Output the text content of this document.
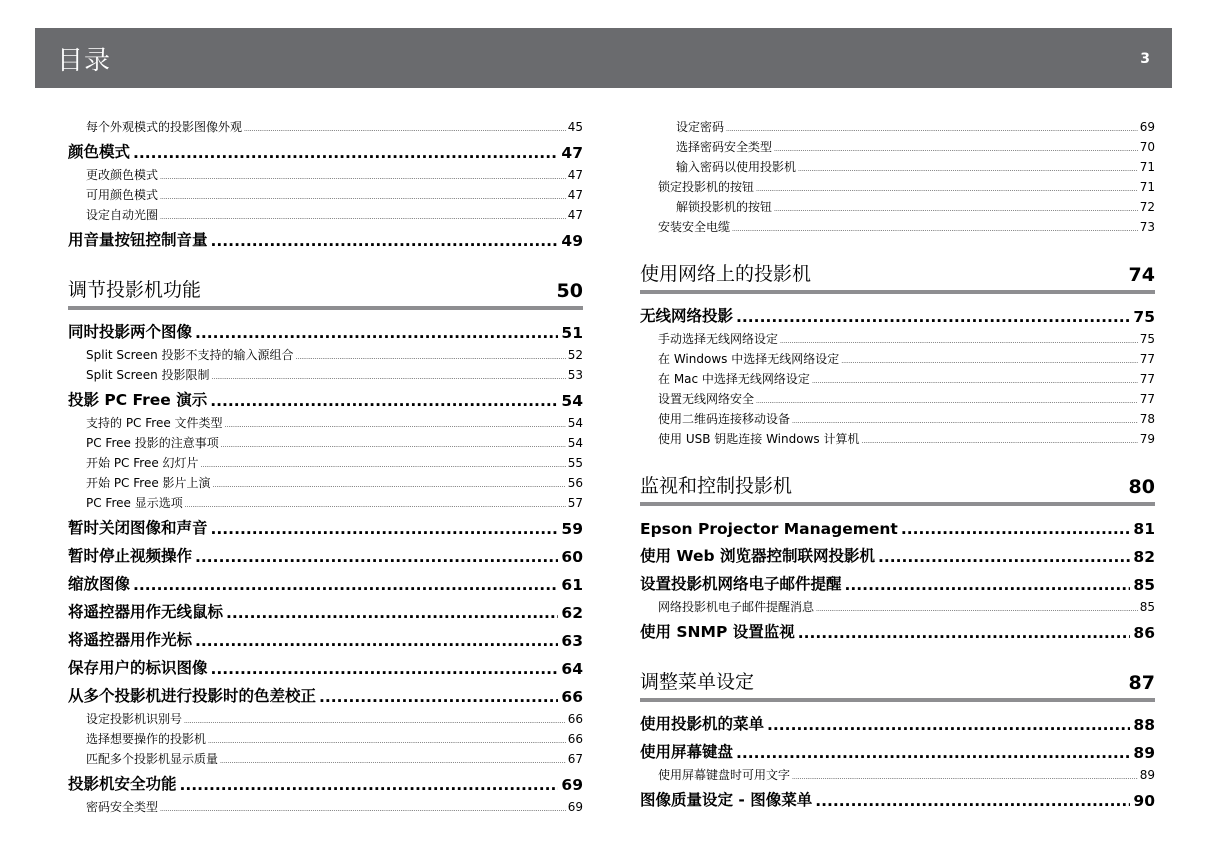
目录	3
每个外观模式的投影图像外观 .....	45
颜色模式 .....	47
更改颜色模式 .....	47
可用颜色模式 .....	47
设定自动光圈 .....	47
用音量按钮控制音量 .....	49
调节投影机功能	50
同时投影两个图像 .....	51
Split Screen 投影不支持的输入源组合 .....	52
Split Screen 投影限制 .....	53
投影 PC Free 演示 .....	54
支持的 PC Free 文件类型 .....	54
PC Free 投影的注意事项 .....	54
开始 PC Free 幻灯片 .....	55
开始 PC Free 影片上演 .....	56
PC Free 显示选项 .....	57
暂时关闭图像和声音 .....	59
暂时停止视频操作 .....	60
缩放图像 .....	61
将遥控器用作无线鼠标 .....	62
将遥控器用作光标 .....	63
保存用户的标识图像 .....	64
从多个投影机进行投影时的色差校正 .....	66
设定投影机识别号 .....	66
选择想要操作的投影机 .....	66
匹配多个投影机显示质量 .....	67
投影机安全功能 .....	69
密码安全类型 .....	69
设定密码 .....	69
选择密码安全类型 .....	70
输入密码以使用投影机 .....	71
锁定投影机的按钮 .....	71
解锁投影机的按钮 .....	72
安装安全电缆 .....	73
使用网络上的投影机	74
无线网络投影 .....	75
手动选择无线网络设定 .....	75
在 Windows 中选择无线网络设定 .....	77
在 Mac 中选择无线网络设定 .....	77
设置无线网络安全 .....	77
使用二维码连接移动设备 .....	78
使用 USB 钥匙连接 Windows 计算机 .....	79
监视和控制投影机	80
Epson Projector Management .....	81
使用 Web 浏览器控制联网投影机 .....	82
设置投影机网络电子邮件提醒 .....	85
网络投影机电子邮件提醒消息 .....	85
使用 SNMP 设置监视 .....	86
调整菜单设定	87
使用投影机的菜单 .....	88
使用屏幕键盘 .....	89
使用屏幕键盘时可用文字 .....	89
图像质量设定 - 图像菜单 .....	90
